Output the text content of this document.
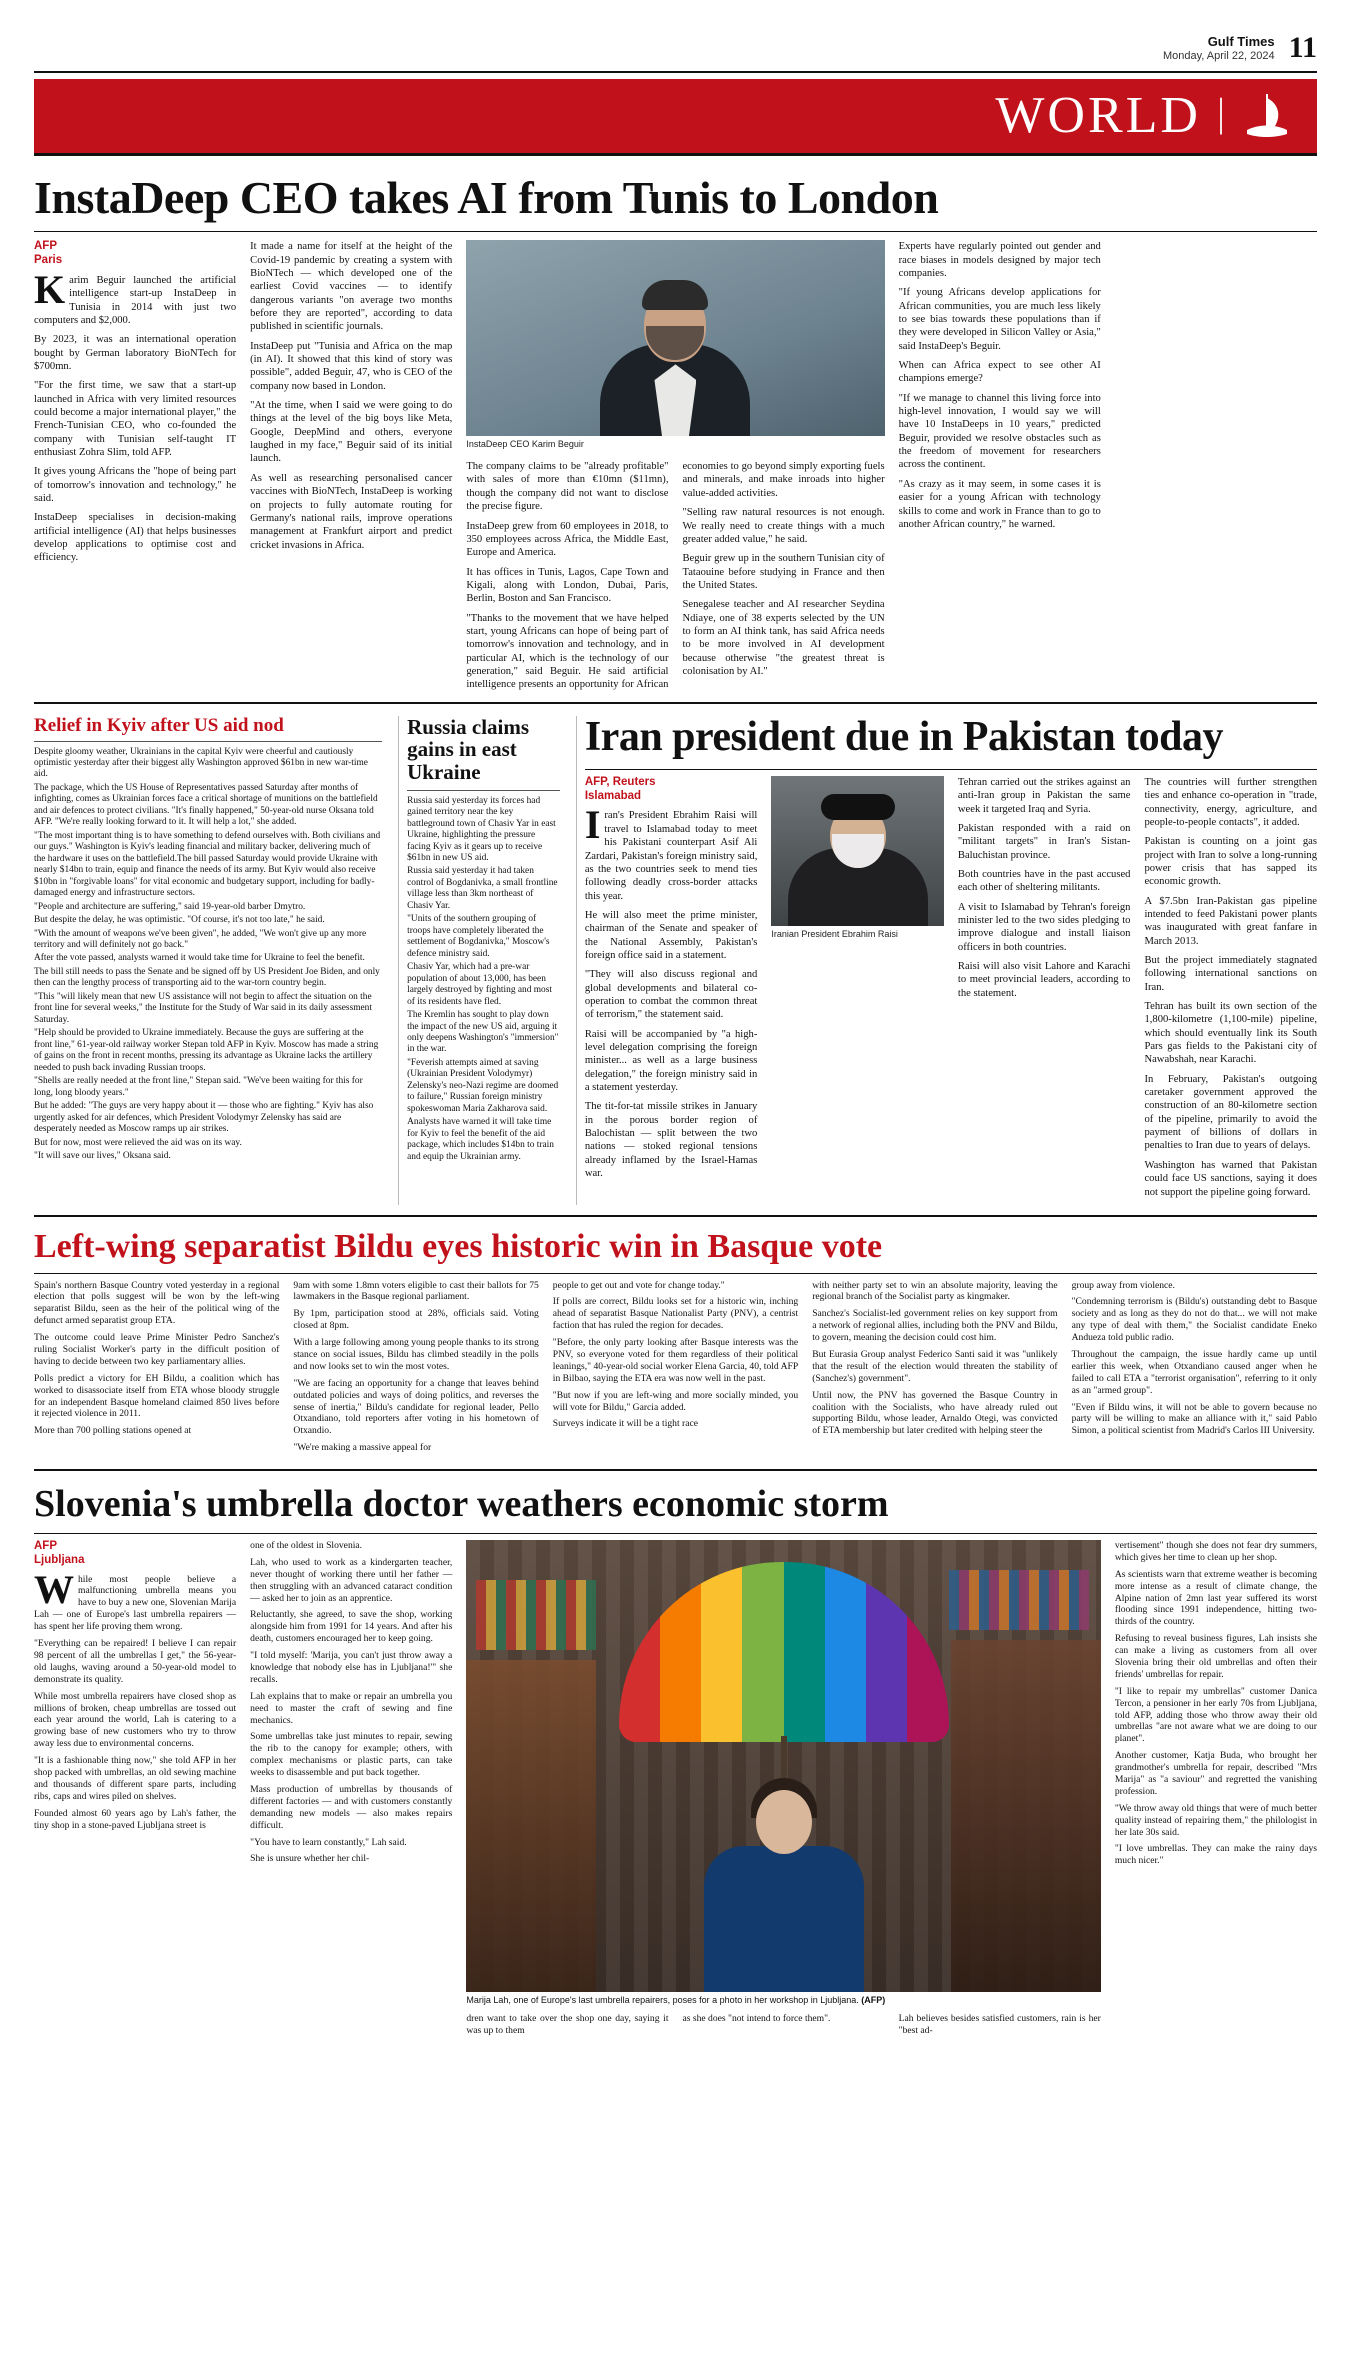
Gulf Times
Monday, April 22, 2024 11
WORLD |
InstaDeep CEO takes AI from Tunis to London
AFP
Paris

Karim Beguir launched the artificial intelligence start-up InstaDeep in Tunisia in 2014 with just two computers and $2,000.

By 2023, it was an international operation bought by German laboratory BioNTech for $700mn.

"For the first time, we saw that a start-up launched in Africa with very limited resources could become a major international player," the French-Tunisian CEO, who co-founded the company with Tunisian self-taught IT enthusiast Zohra Slim, told AFP.

It gives young Africans the "hope of being part of tomorrow's innovation and technology," he said.

InstaDeep specialises in decision-making artificial intelligence (AI) that helps businesses develop applications to optimise cost and efficiency.

It made a name for itself at the height of the Covid-19 pandemic by creating a system with BioNTech — which developed one of the earliest Covid vaccines — to identify dangerous variants "on average two months before they are reported", according to data published in scientific journals.

InstaDeep put "Tunisia and Africa on the map (in AI). It showed that this kind of story was possible", added Beguir, 47, who is CEO of the company now based in London.

"At the time, when I said we were going to do things at the level of the big boys like Meta, Google, DeepMind and others, everyone laughed in my face," Beguir said of its initial launch.

As well as researching personalised cancer vaccines with BioNTech, InstaDeep is working on projects to fully automate routing for Germany's national rails, improve operations management at Frankfurt airport and predict cricket invasions in Africa.

InstaDeep CEO Karim Beguir

The company claims to be "already profitable" with sales of more than €10mn ($11mn), though the company did not want to disclose the precise figure.

InstaDeep grew from 60 employees in 2018, to 350 employees across Africa, the Middle East, Europe and America.

It has offices in Tunis, Lagos, Cape Town and Kigali, along with London, Dubai, Paris, Berlin, Boston and San Francisco.

"Thanks to the movement that we have helped start, young Africans can hope of being part of tomorrow's innovation and technology, and in particular AI, which is the technology of our generation," said Beguir. He said artificial intelligence presents an opportunity for African economies to go beyond simply exporting fuels and minerals, and make inroads into higher value-added activities.

"Selling raw natural resources is not enough. We really need to create things with a much greater added value," he said.

Beguir grew up in the southern Tunisian city of Tataouine before studying in France and then the United States.

Senegalese teacher and AI researcher Seydina Ndiaye, one of 38 experts selected by the UN to form an AI think tank, has said Africa needs to be more involved in AI development because otherwise "the greatest threat is colonisation by AI."

Experts have regularly pointed out gender and race biases in models designed by major tech companies.

"If young Africans develop applications for African communities, you are much less likely to see bias towards these populations than if they were developed in Silicon Valley or Asia," said InstaDeep's Beguir.

When can Africa expect to see other AI champions emerge?

"If we manage to channel this living force into high-level innovation, I would say we will have 10 InstaDeeps in 10 years," predicted Beguir, provided we resolve obstacles such as the freedom of movement for researchers across the continent.

"As crazy as it may seem, in some cases it is easier for a young African with technology skills to come and work in France than to go to another African country," he warned.

Relief in Kyiv after US aid nod

Despite gloomy weather, Ukrainians in the capital Kyiv were cheerful and cautiously optimistic yesterday after their biggest ally Washington approved $61bn in new war-time aid.

The package, which the US House of Representatives passed Saturday after months of infighting, comes as Ukrainian forces face a critical shortage of munitions on the battlefield and air defences to protect civilians. "It's finally happened," 50-year-old nurse Oksana told AFP. "We're really looking forward to it. It will help a lot," she added.

"The most important thing is to have something to defend ourselves with. Both civilians and our guys." Washington is Kyiv's leading financial and military backer, delivering much of the hardware it uses on the battlefield.The bill passed Saturday would provide Ukraine with nearly $14bn to train, equip and finance the needs of its army. But Kyiv would also receive $10bn in "forgivable loans" for vital economic and budgetary support, including for badly-damaged energy and infrastructure sectors.

"People and architecture are suffering," said 19-year-old barber Dmytro.

But despite the delay, he was optimistic. "Of course, it's not too late," he said.

"With the amount of weapons we've been given", he added, "We won't give up any more territory and will definitely not go back."

After the vote passed, analysts warned it would take time for Ukraine to feel the benefit.

The bill still needs to pass the Senate and be signed off by US President Joe Biden, and only then can the lengthy process of transporting aid to the war-torn country begin.

"This "will likely mean that new US assistance will not begin to affect the situation on the front line for several weeks," the Institute for the Study of War said in its daily assessment Saturday.

"Help should be provided to Ukraine immediately. Because the guys are suffering at the front line," 61-year-old railway worker Stepan told AFP in Kyiv. Moscow has made a string of gains on the front in recent months, pressing its advantage as Ukraine lacks the artillery needed to push back invading Russian troops.

"Shells are really needed at the front line," Stepan said. "We've been waiting for this for long, long bloody years."

But he added: "The guys are very happy about it — those who are fighting." Kyiv has also urgently asked for air defences, which President Volodymyr Zelensky has said are desperately needed as Moscow ramps up air strikes.

But for now, most were relieved the aid was on its way.

"It will save our lives," Oksana said.

Russia claims gains in east Ukraine

Russia said yesterday its forces had gained territory near the key battleground town of Chasiv Yar in east Ukraine, highlighting the pressure facing Kyiv as it gears up to receive $61bn in new US aid.

Russia said yesterday it had taken control of Bogdanivka, a small frontline village less than 3km northeast of Chasiv Yar.

"Units of the southern grouping of troops have completely liberated the settlement of Bogdanivka," Moscow's defence ministry said.

Chasiv Yar, which had a pre-war population of about 13,000, has been largely destroyed by fighting and most of its residents have fled.

The Kremlin has sought to play down the impact of the new US aid, arguing it only deepens Washington's "immersion" in the war.

"Feverish attempts aimed at saving (Ukrainian President Volodymyr) Zelensky's neo-Nazi regime are doomed to failure," Russian foreign ministry spokeswoman Maria Zakharova said.

Analysts have warned it will take time for Kyiv to feel the benefit of the aid package, which includes $14bn to train and equip the Ukrainian army.

Iran president due in Pakistan today
AFP, Reuters
Islamabad

Iran's President Ebrahim Raisi will travel to Islamabad today to meet his Pakistani counterpart Asif Ali Zardari, Pakistan's foreign ministry said, as the two countries seek to mend ties following deadly cross-border attacks this year.

He will also meet the prime minister, chairman of the Senate and speaker of the National Assembly, Pakistan's foreign office said in a statement.

"They will also discuss regional and global developments and bilateral co-operation to combat the common threat of terrorism," the statement said.

Raisi will be accompanied by "a high-level delegation comprising the foreign minister... as well as a large business delegation," the foreign ministry said in a statement yesterday.

The tit-for-tat missile strikes in January in the porous border region of Balochistan — split between the two nations — stoked regional tensions already inflamed by the Israel-Hamas war.

Iranian President Ebrahim Raisi

Tehran carried out the strikes against an anti-Iran group in Pakistan the same week it targeted Iraq and Syria.

Pakistan responded with a raid on "militant targets" in Iran's Sistan-Baluchistan province.

Both countries have in the past accused each other of sheltering militants.

A visit to Islamabad by Tehran's foreign minister led to the two sides pledging to improve dialogue and install liaison officers in both countries.

Raisi will also visit Lahore and Karachi to meet provincial leaders, according to the statement.

The countries will further strengthen ties and enhance co-operation in "trade, connectivity, energy, agriculture, and people-to-people contacts", it added.

Pakistan is counting on a joint gas project with Iran to solve a long-running power crisis that has sapped its economic growth.

A $7.5bn Iran-Pakistan gas pipeline intended to feed Pakistani power plants was inaugurated with great fanfare in March 2013.

But the project immediately stagnated following international sanctions on Iran.

Tehran has built its own section of the 1,800-kilometre (1,100-mile) pipeline, which should eventually link its South Pars gas fields to the Pakistani city of Nawabshah, near Karachi.

In February, Pakistan's outgoing caretaker government approved the construction of an 80-kilometre section of the pipeline, primarily to avoid the payment of billions of dollars in penalties to Iran due to years of delays.

Washington has warned that Pakistan could face US sanctions, saying it does not support the pipeline going forward.

Left-wing separatist Bildu eyes historic win in Basque vote

Spain's northern Basque Country voted yesterday in a regional election that polls suggest will be won by the left-wing separatist Bildu, seen as the heir of the political wing of the defunct armed separatist group ETA.

The outcome could leave Prime Minister Pedro Sanchez's ruling Socialist Worker's party in the difficult position of having to decide between two key parliamentary allies.

Polls predict a victory for EH Bildu, a coalition which has worked to disassociate itself from ETA whose bloody struggle for an independent Basque homeland claimed 850 lives before it rejected violence in 2011.

More than 700 polling stations opened at

9am with some 1.8mn voters eligible to cast their ballots for 75 lawmakers in the Basque regional parliament.

By 1pm, participation stood at 28%, officials said. Voting closed at 8pm.

With a large following among young people thanks to its strong stance on social issues, Bildu has climbed steadily in the polls and now looks set to win the most votes.

"We are facing an opportunity for a change that leaves behind outdated policies and ways of doing politics, and reverses the sense of inertia," Bildu's candidate for regional leader, Pello Otxandiano, told reporters after voting in his hometown of Otxandio.

"We're making a massive appeal for

people to get out and vote for change today."

If polls are correct, Bildu looks set for a historic win, inching ahead of separatist Basque Nationalist Party (PNV), a centrist faction that has ruled the region for decades.

"Before, the only party looking after Basque interests was the PNV, so everyone voted for them regardless of their political leanings," 40-year-old social worker Elena Garcia, 40, told AFP in Bilbao, saying the ETA era was now well in the past.

"But now if you are left-wing and more socially minded, you will vote for Bildu," Garcia added.

Surveys indicate it will be a tight race

with neither party set to win an absolute majority, leaving the regional branch of the Socialist party as kingmaker.

Sanchez's Socialist-led government relies on key support from a network of regional allies, including both the PNV and Bildu, to govern, meaning the decision could cost him.

But Eurasia Group analyst Federico Santi said it was "unlikely that the result of the election would threaten the stability of (Sanchez's) government".

Until now, the PNV has governed the Basque Country in coalition with the Socialists, who have already ruled out supporting Bildu, whose leader, Arnaldo Otegi, was convicted of ETA membership but later credited with helping steer the

group away from violence.

"Condemning terrorism is (Bildu's) outstanding debt to Basque society and as long as they do not do that... we will not make any type of deal with them," the Socialist candidate Eneko Andueza told public radio.

Throughout the campaign, the issue hardly came up until earlier this week, when Otxandiano caused anger when he failed to call ETA a "terrorist organisation", referring to it only as an "armed group".

"Even if Bildu wins, it will not be able to govern because no party will be willing to make an alliance with it," said Pablo Simon, a political scientist from Madrid's Carlos III University.

Slovenia's umbrella doctor weathers economic storm
AFP
Ljubljana

While most people believe a malfunctioning umbrella means you have to buy a new one, Slovenian Marija Lah — one of Europe's last umbrella repairers — has spent her life proving them wrong.

"Everything can be repaired! I believe I can repair 98 percent of all the umbrellas I get," the 56-year-old laughs, waving around a 50-year-old model to demonstrate its quality.

While most umbrella repairers have closed shop as millions of broken, cheap umbrellas are tossed out each year around the world, Lah is catering to a growing base of new customers who try to throw away less due to environmental concerns.

"It is a fashionable thing now," she told AFP in her shop packed with umbrellas, an old sewing machine and thousands of different spare parts, including ribs, caps and wires piled on shelves.

Founded almost 60 years ago by Lah's father, the tiny shop in a stone-paved Ljubljana street is

one of the oldest in Slovenia.

Lah, who used to work as a kindergarten teacher, never thought of working there until her father — then struggling with an advanced cataract condition — asked her to join as an apprentice.

Reluctantly, she agreed, to save the shop, working alongside him from 1991 for 14 years. And after his death, customers encouraged her to keep going.

"I told myself: 'Marija, you can't just throw away a knowledge that nobody else has in Ljubljana!'" she recalls.

Lah explains that to make or repair an umbrella you need to master the craft of sewing and fine mechanics.

Some umbrellas take just minutes to repair, sewing the rib to the canopy for example; others, with complex mechanisms or plastic parts, can take weeks to disassemble and put back together.

Mass production of umbrellas by thousands of different factories — and with customers constantly demanding new models — also makes repairs difficult.

"You have to learn constantly," Lah said.

She is unsure whether her chil-

Marija Lah, one of Europe's last umbrella repairers, poses for a photo in her workshop in Ljubljana. (AFP)

dren want to take over the shop one day, saying it was up to them

as she does "not intend to force them".	Lah believes besides satisfied customers, rain is her "best ad-

vertisement" though she does not fear dry summers, which gives her time to clean up her shop.

As scientists warn that extreme weather is becoming more intense as a result of climate change, the Alpine nation of 2mn last year suffered its worst flooding since 1991 independence, hitting two-thirds of the country.

Refusing to reveal business figures, Lah insists she can make a living as customers from all over Slovenia bring their old umbrellas and often their friends' umbrellas for repair.

"I like to repair my umbrellas" customer Danica Tercon, a pensioner in her early 70s from Ljubljana, told AFP, adding those who throw away their old umbrellas "are not aware what we are doing to our planet".

Another customer, Katja Buda, who brought her grandmother's umbrella for repair, described "Mrs Marija" as "a saviour" and regretted the vanishing profession.

"We throw away old things that were of much better quality instead of repairing them," the philologist in her late 30s said.

"I love umbrellas. They can make the rainy days much nicer."
